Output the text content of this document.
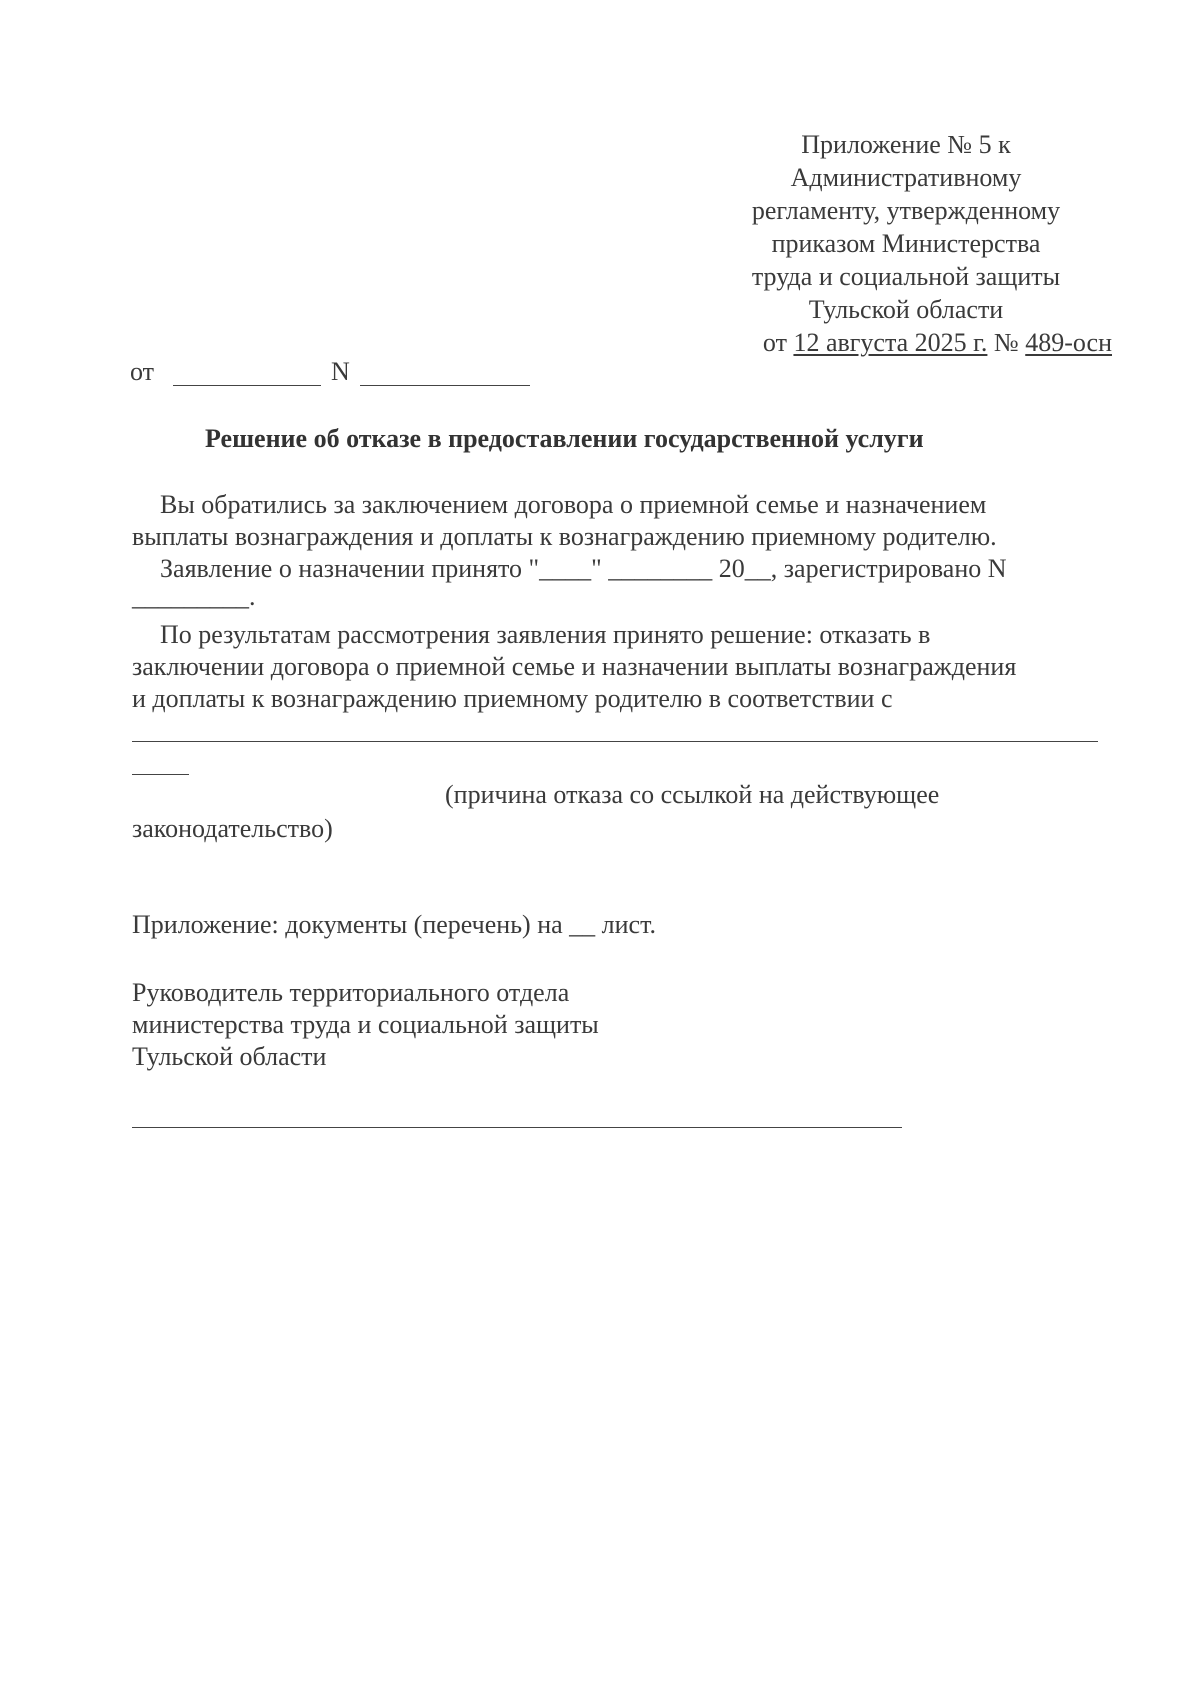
Приложение № 5 к
Административному
регламенту, утвержденному
приказом Министерства
труда и социальной защиты
Тульской области
от 12 августа 2025 г. № 489-осн
от	N
Решение об отказе в предоставлении государственной услуги
Вы обратились за заключением договора о приемной семье и назначением
выплаты вознаграждения и доплаты к вознаграждению приемному родителю.
Заявление о назначении принято "____" ________ 20__, зарегистрировано N
_________.
По результатам рассмотрения заявления принято решение: отказать в
заключении договора о приемной семье и назначении выплаты вознаграждения
и доплаты к вознаграждению приемному родителю в соответствии с
(причина отказа со ссылкой на действующее
законодательство)
Приложение: документы (перечень) на __ лист.
Руководитель территориального отдела
министерства труда и социальной защиты
Тульской области
